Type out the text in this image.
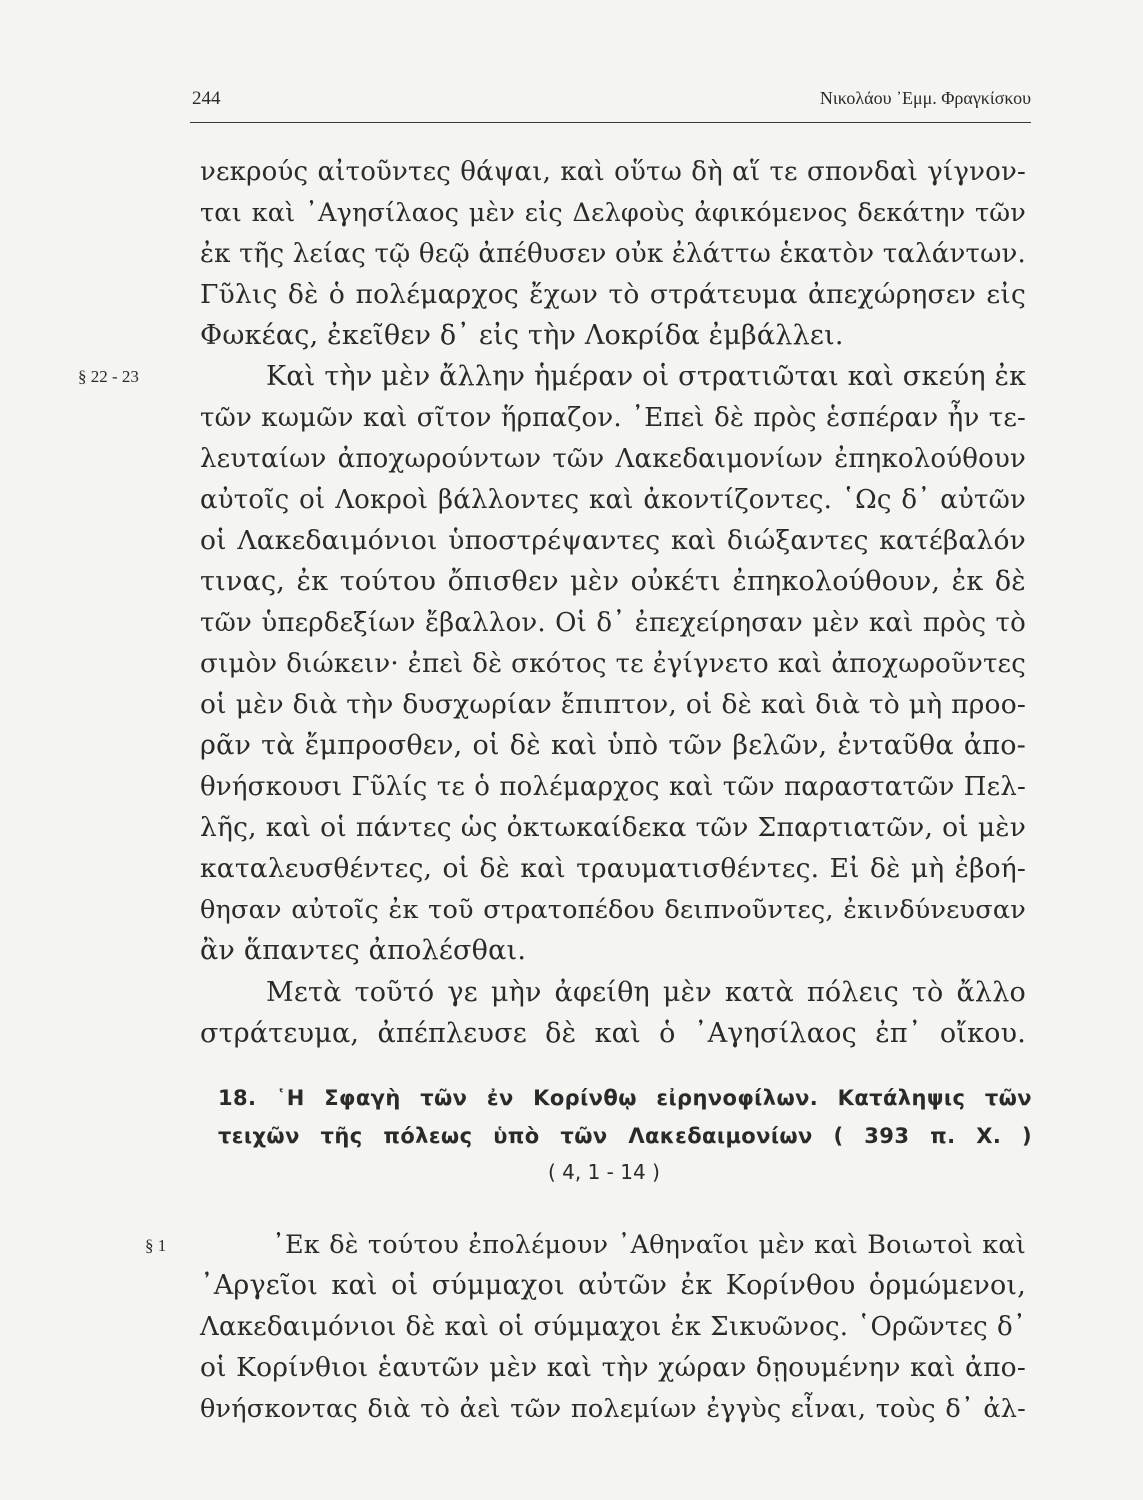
244	Νικολάου ᾿Εμμ. Φραγκίσκου
νεκρούς αἰτοῦντες θάψαι, καὶ οὕτω δὴ αἵ τε σπονδαὶ γίγνον-
ται καὶ ᾿Αγησίλαος μὲν εἰς Δελφοὺς ἀφικόμενος δεκάτην τῶν
ἐκ τῆς λείας τῷ θεῷ ἀπέθυσεν οὐκ ἐλάττω ἑκατὸν ταλάντων.
Γῦλις δὲ ὁ πολέμαρχος ἔχων τὸ στράτευμα ἀπεχώρησεν εἰς
Φωκέας, ἐκεῖθεν δ᾿ εἰς τὴν Λοκρίδα ἐμβάλλει.
§ 22 - 23	Καὶ τὴν μὲν ἄλλην ἡμέραν οἱ στρατιῶται καὶ σκεύη ἐκ
τῶν κωμῶν καὶ σῖτον ἥρπαζον. ᾿Επεὶ δὲ πρὸς ἑσπέραν ἦν τε-
λευταίων ἀποχωρούντων τῶν Λακεδαιμονίων ἐπηκολούθουν
αὐτοῖς οἱ Λοκροὶ βάλλοντες καὶ ἀκοντίζοντες. ῾Ως δ᾿ αὐτῶν
οἱ Λακεδαιμόνιοι ὑποστρέψαντες καὶ διώξαντες κατέβαλόν
τινας, ἐκ τούτου ὄπισθεν μὲν οὐκέτι ἐπηκολούθουν, ἐκ δὲ
τῶν ὑπερδεξίων ἔβαλλον. Οἱ δ᾿ ἐπεχείρησαν μὲν καὶ πρὸς τὸ
σιμὸν διώκειν· ἐπεὶ δὲ σκότος τε ἐγίγνετο καὶ ἀποχωροῦντες
οἱ μὲν διὰ τὴν δυσχωρίαν ἔπιπτον, οἱ δὲ καὶ διὰ τὸ μὴ προο-
ρᾶν τὰ ἔμπροσθεν, οἱ δὲ καὶ ὑπὸ τῶν βελῶν, ἐνταῦθα ἀπο-
θνήσκουσι Γῦλίς τε ὁ πολέμαρχος καὶ τῶν παραστατῶν Πελ-
λῆς, καὶ οἱ πάντες ὡς ὀκτωκαίδεκα τῶν Σπαρτιατῶν, οἱ μὲν
καταλευσθέντες, οἱ δὲ καὶ τραυματισθέντες. Εἰ δὲ μὴ ἐβοή-
θησαν αὐτοῖς ἐκ τοῦ στρατοπέδου δειπνοῦντες, ἐκινδύνευσαν
ἂν ἅπαντες ἀπολέσθαι.
Μετὰ τοῦτό γε μὴν ἀφείθη μὲν κατὰ πόλεις τὸ ἄλλο
στράτευμα, ἀπέπλευσε δὲ καὶ ὁ ᾿Αγησίλαος ἐπ᾿ οἴκου.
18. ῾Η Σφαγὴ τῶν ἐν Κορίνθῳ εἰρηνοφίλων. Κατάληψις τῶν
τειχῶν τῆς πόλεως ὑπὸ τῶν Λακεδαιμονίων ( 393 π. Χ. )
( 4, 1 - 14 )
§ 1	᾿Εκ δὲ τούτου ἐπολέμουν ᾿Αθηναῖοι μὲν καὶ Βοιωτοὶ καὶ
᾿Αργεῖοι καὶ οἱ σύμμαχοι αὐτῶν ἐκ Κορίνθου ὁρμώμενοι,
Λακεδαιμόνιοι δὲ καὶ οἱ σύμμαχοι ἐκ Σικυῶνος. ῾Ορῶντες δ᾿
οἱ Κορίνθιοι ἑαυτῶν μὲν καὶ τὴν χώραν δῃουμένην καὶ ἀπο-
θνήσκοντας διὰ τὸ ἀεὶ τῶν πολεμίων ἐγγὺς εἶναι, τοὺς δ᾿ ἀλ-
